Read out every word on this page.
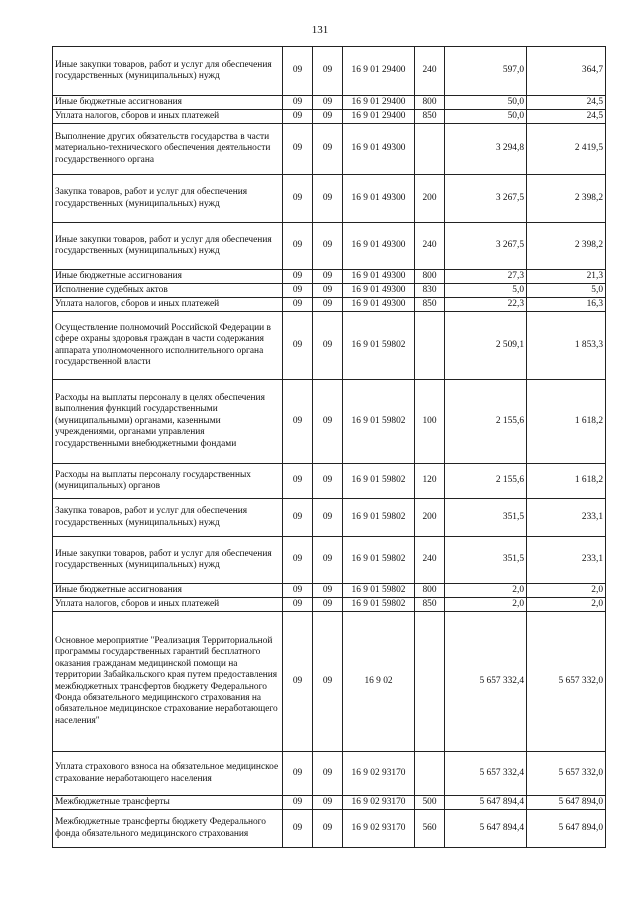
131
Иные закупки товаров, работ и услуг для обеспечения государственных (муниципальных) нужд	09	09	16 9 01 29400	240	597,0	364,7
Иные бюджетные ассигнования	09	09	16 9 01 29400	800	50,0	24,5
Уплата налогов, сборов и иных платежей	09	09	16 9 01 29400	850	50,0	24,5
Выполнение других обязательств государства в части материально-технического обеспечения деятельности государственного органа	09	09	16 9 01 49300		3 294,8	2 419,5
Закупка товаров, работ и услуг для обеспечения государственных (муниципальных) нужд	09	09	16 9 01 49300	200	3 267,5	2 398,2
Иные закупки товаров, работ и услуг для обеспечения государственных (муниципальных) нужд	09	09	16 9 01 49300	240	3 267,5	2 398,2
Иные бюджетные ассигнования	09	09	16 9 01 49300	800	27,3	21,3
Исполнение судебных актов	09	09	16 9 01 49300	830	5,0	5,0
Уплата налогов, сборов и иных платежей	09	09	16 9 01 49300	850	22,3	16,3
Осуществление полномочий Российской Федерации в сфере охраны здоровья граждан в части содержания аппарата уполномоченного исполнительного органа государственной власти	09	09	16 9 01 59802		2 509,1	1 853,3
Расходы на выплаты персоналу в целях обеспечения выполнения функций государственными (муниципальными) органами, казенными учреждениями, органами управления государственными внебюджетными фондами	09	09	16 9 01 59802	100	2 155,6	1 618,2
Расходы на выплаты персоналу государственных (муниципальных) органов	09	09	16 9 01 59802	120	2 155,6	1 618,2
Закупка товаров, работ и услуг для обеспечения государственных (муниципальных) нужд	09	09	16 9 01 59802	200	351,5	233,1
Иные закупки товаров, работ и услуг для обеспечения государственных (муниципальных) нужд	09	09	16 9 01 59802	240	351,5	233,1
Иные бюджетные ассигнования	09	09	16 9 01 59802	800	2,0	2,0
Уплата налогов, сборов и иных платежей	09	09	16 9 01 59802	850	2,0	2,0
Основное мероприятие "Реализация Территориальной программы государственных гарантий бесплатного оказания гражданам медицинской помощи на территории Забайкальского края путем предоставления межбюджетных трансфертов бюджету Федерального Фонда обязательного медицинского страхования на обязательное медицинское страхование неработающего населения"	09	09	16 9 02		5 657 332,4	5 657 332,0
Уплата страхового взноса на обязательное медицинское страхование неработающего населения	09	09	16 9 02 93170		5 657 332,4	5 657 332,0
Межбюджетные трансферты	09	09	16 9 02 93170	500	5 647 894,4	5 647 894,0
Межбюджетные трансферты бюджету Федерального фонда обязательного медицинского страхования	09	09	16 9 02 93170	560	5 647 894,4	5 647 894,0
